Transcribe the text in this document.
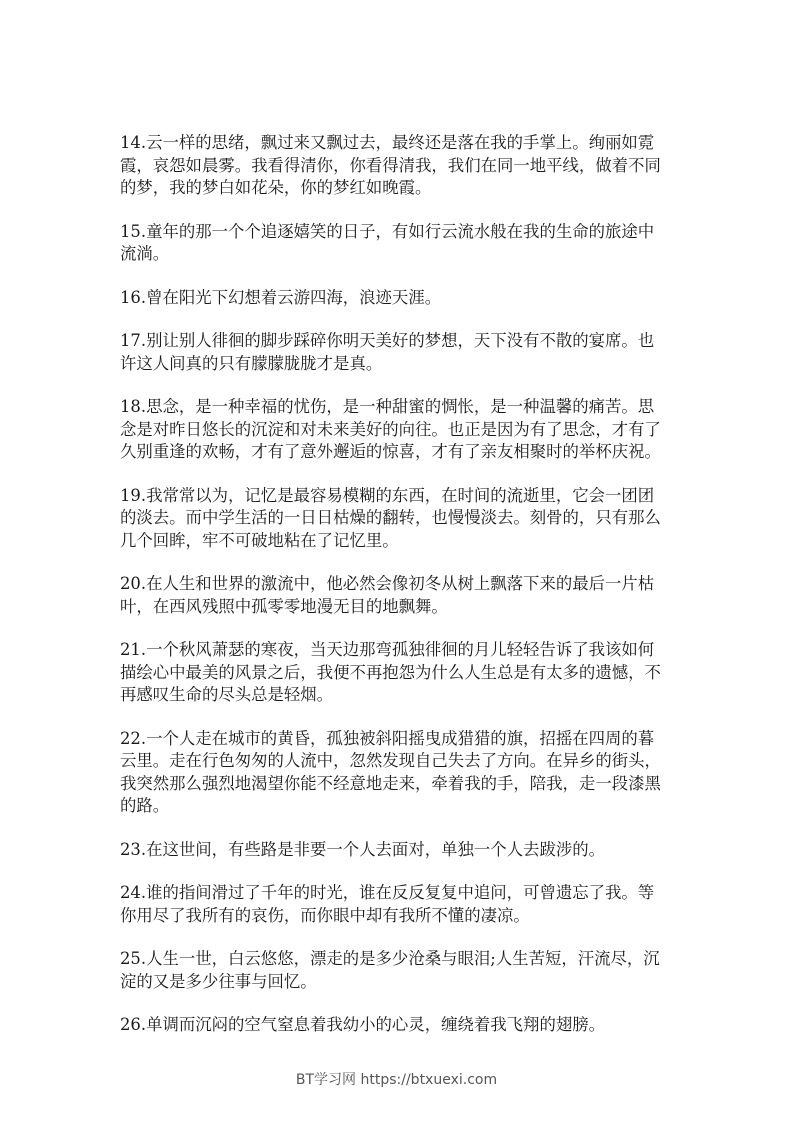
14.云一样的思绪，飘过来又飘过去，最终还是落在我的手掌上。绚丽如霓霞，哀怨如晨雾。我看得清你，你看得清我，我们在同一地平线，做着不同的梦，我的梦白如花朵，你的梦红如晚霞。

15.童年的那一个个追逐嬉笑的日子，有如行云流水般在我的生命的旅途中流淌。

16.曾在阳光下幻想着云游四海，浪迹天涯。

17.别让别人徘徊的脚步踩碎你明天美好的梦想，天下没有不散的宴席。也许这人间真的只有朦朦胧胧才是真。

18.思念，是一种幸福的忧伤，是一种甜蜜的惆怅，是一种温馨的痛苦。思念是对昨日悠长的沉淀和对未来美好的向往。也正是因为有了思念，才有了久别重逢的欢畅，才有了意外邂逅的惊喜，才有了亲友相聚时的举杯庆祝。

19.我常常以为，记忆是最容易模糊的东西，在时间的流逝里，它会一团团的淡去。而中学生活的一日日枯燥的翻转，也慢慢淡去。刻骨的，只有那么几个回眸，牢不可破地粘在了记忆里。

20.在人生和世界的激流中，他必然会像初冬从树上飘落下来的最后一片枯叶，在西风残照中孤零零地漫无目的地飘舞。

21.一个秋风萧瑟的寒夜，当天边那弯孤独徘徊的月儿轻轻告诉了我该如何描绘心中最美的风景之后，我便不再抱怨为什么人生总是有太多的遗憾，不再感叹生命的尽头总是轻烟。

22.一个人走在城市的黄昏，孤独被斜阳摇曳成猎猎的旗，招摇在四周的暮云里。走在行色匆匆的人流中，忽然发现自己失去了方向。在异乡的街头，我突然那么强烈地渴望你能不经意地走来，牵着我的手，陪我，走一段漆黑的路。

23.在这世间，有些路是非要一个人去面对，单独一个人去跋涉的。

24.谁的指间滑过了千年的时光，谁在反反复复中追问，可曾遗忘了我。等你用尽了我所有的哀伤，而你眼中却有我所不懂的凄凉。

25.人生一世，白云悠悠，漂走的是多少沧桑与眼泪;人生苦短，汗流尽，沉淀的又是多少往事与回忆。

26.单调而沉闷的空气窒息着我幼小的心灵，缠绕着我飞翔的翅膀。

BT学习网 https://btxuexi.com
